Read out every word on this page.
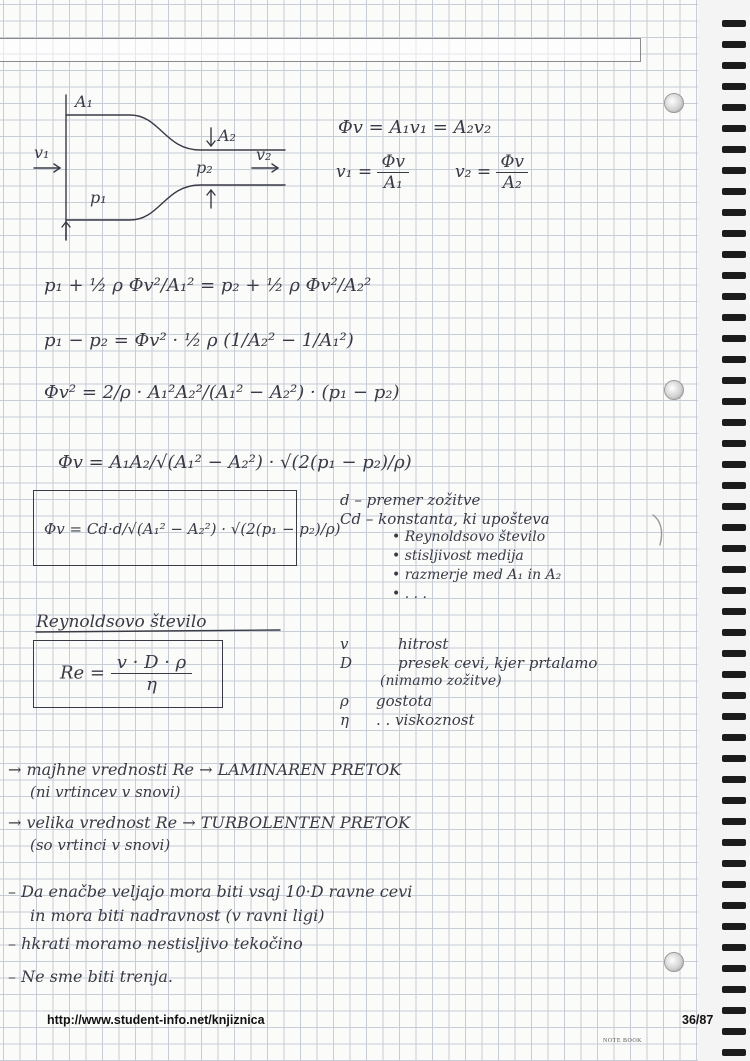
A₁
A₂
v₁	v₂
p₁
p₂
Φv = A₁v₁ = A₂v₂
$v_1 = \frac{\Phi v}{\text{A₁}}$	$v_2 = \frac{\Phi v}{\text{A₂}}$
p₁ + ½ ρ Φv²/A₁² = p₂ + ½ ρ Φv²/A₂²
p₁ − p₂ = Φv² · ½ ρ (1/A₂² − 1/A₁²)
Φv² = 2/ρ · A₁²A₂²/(A₁² − A₂²) · (p₁ − p₂)
Φv = A₁A₂/√(A₁² − A₂²) · √(2(p₁ − p₂)/ρ)
Φv = Cd·d/√(A₁² − A₂²) · √(2(p₁ − p₂)/ρ)
d – premer zožitve
Cd – konstanta, ki upošteva
• Reynoldsovo število
• stisljivost medija
• razmerje med A₁ in A₂
• . . .
Reynoldsovo število
$Re = \frac{v \cdot D \cdot \rho}{\eta}$
v	hitrost
D	presek cevi, kjer prtalamo
(nimamo zožitve)
ρ gostota
η . . viskoznost
→ majhne vrednosti Re → LAMINAREN PRETOK
(ni vrtincev v snovi)
→ velika vrednost Re → TURBOLENTEN PRETOK
(so vrtinci v snovi)
– Da enačbe veljajo mora biti vsaj 10·D ravne cevi
in mora biti nadravnost (v ravni ligi)
– hkrati moramo nestisljivo tekočino
– Ne sme biti trenja.
http://www.student-info.net/knjiznica	36/87
NOTE BOOK
